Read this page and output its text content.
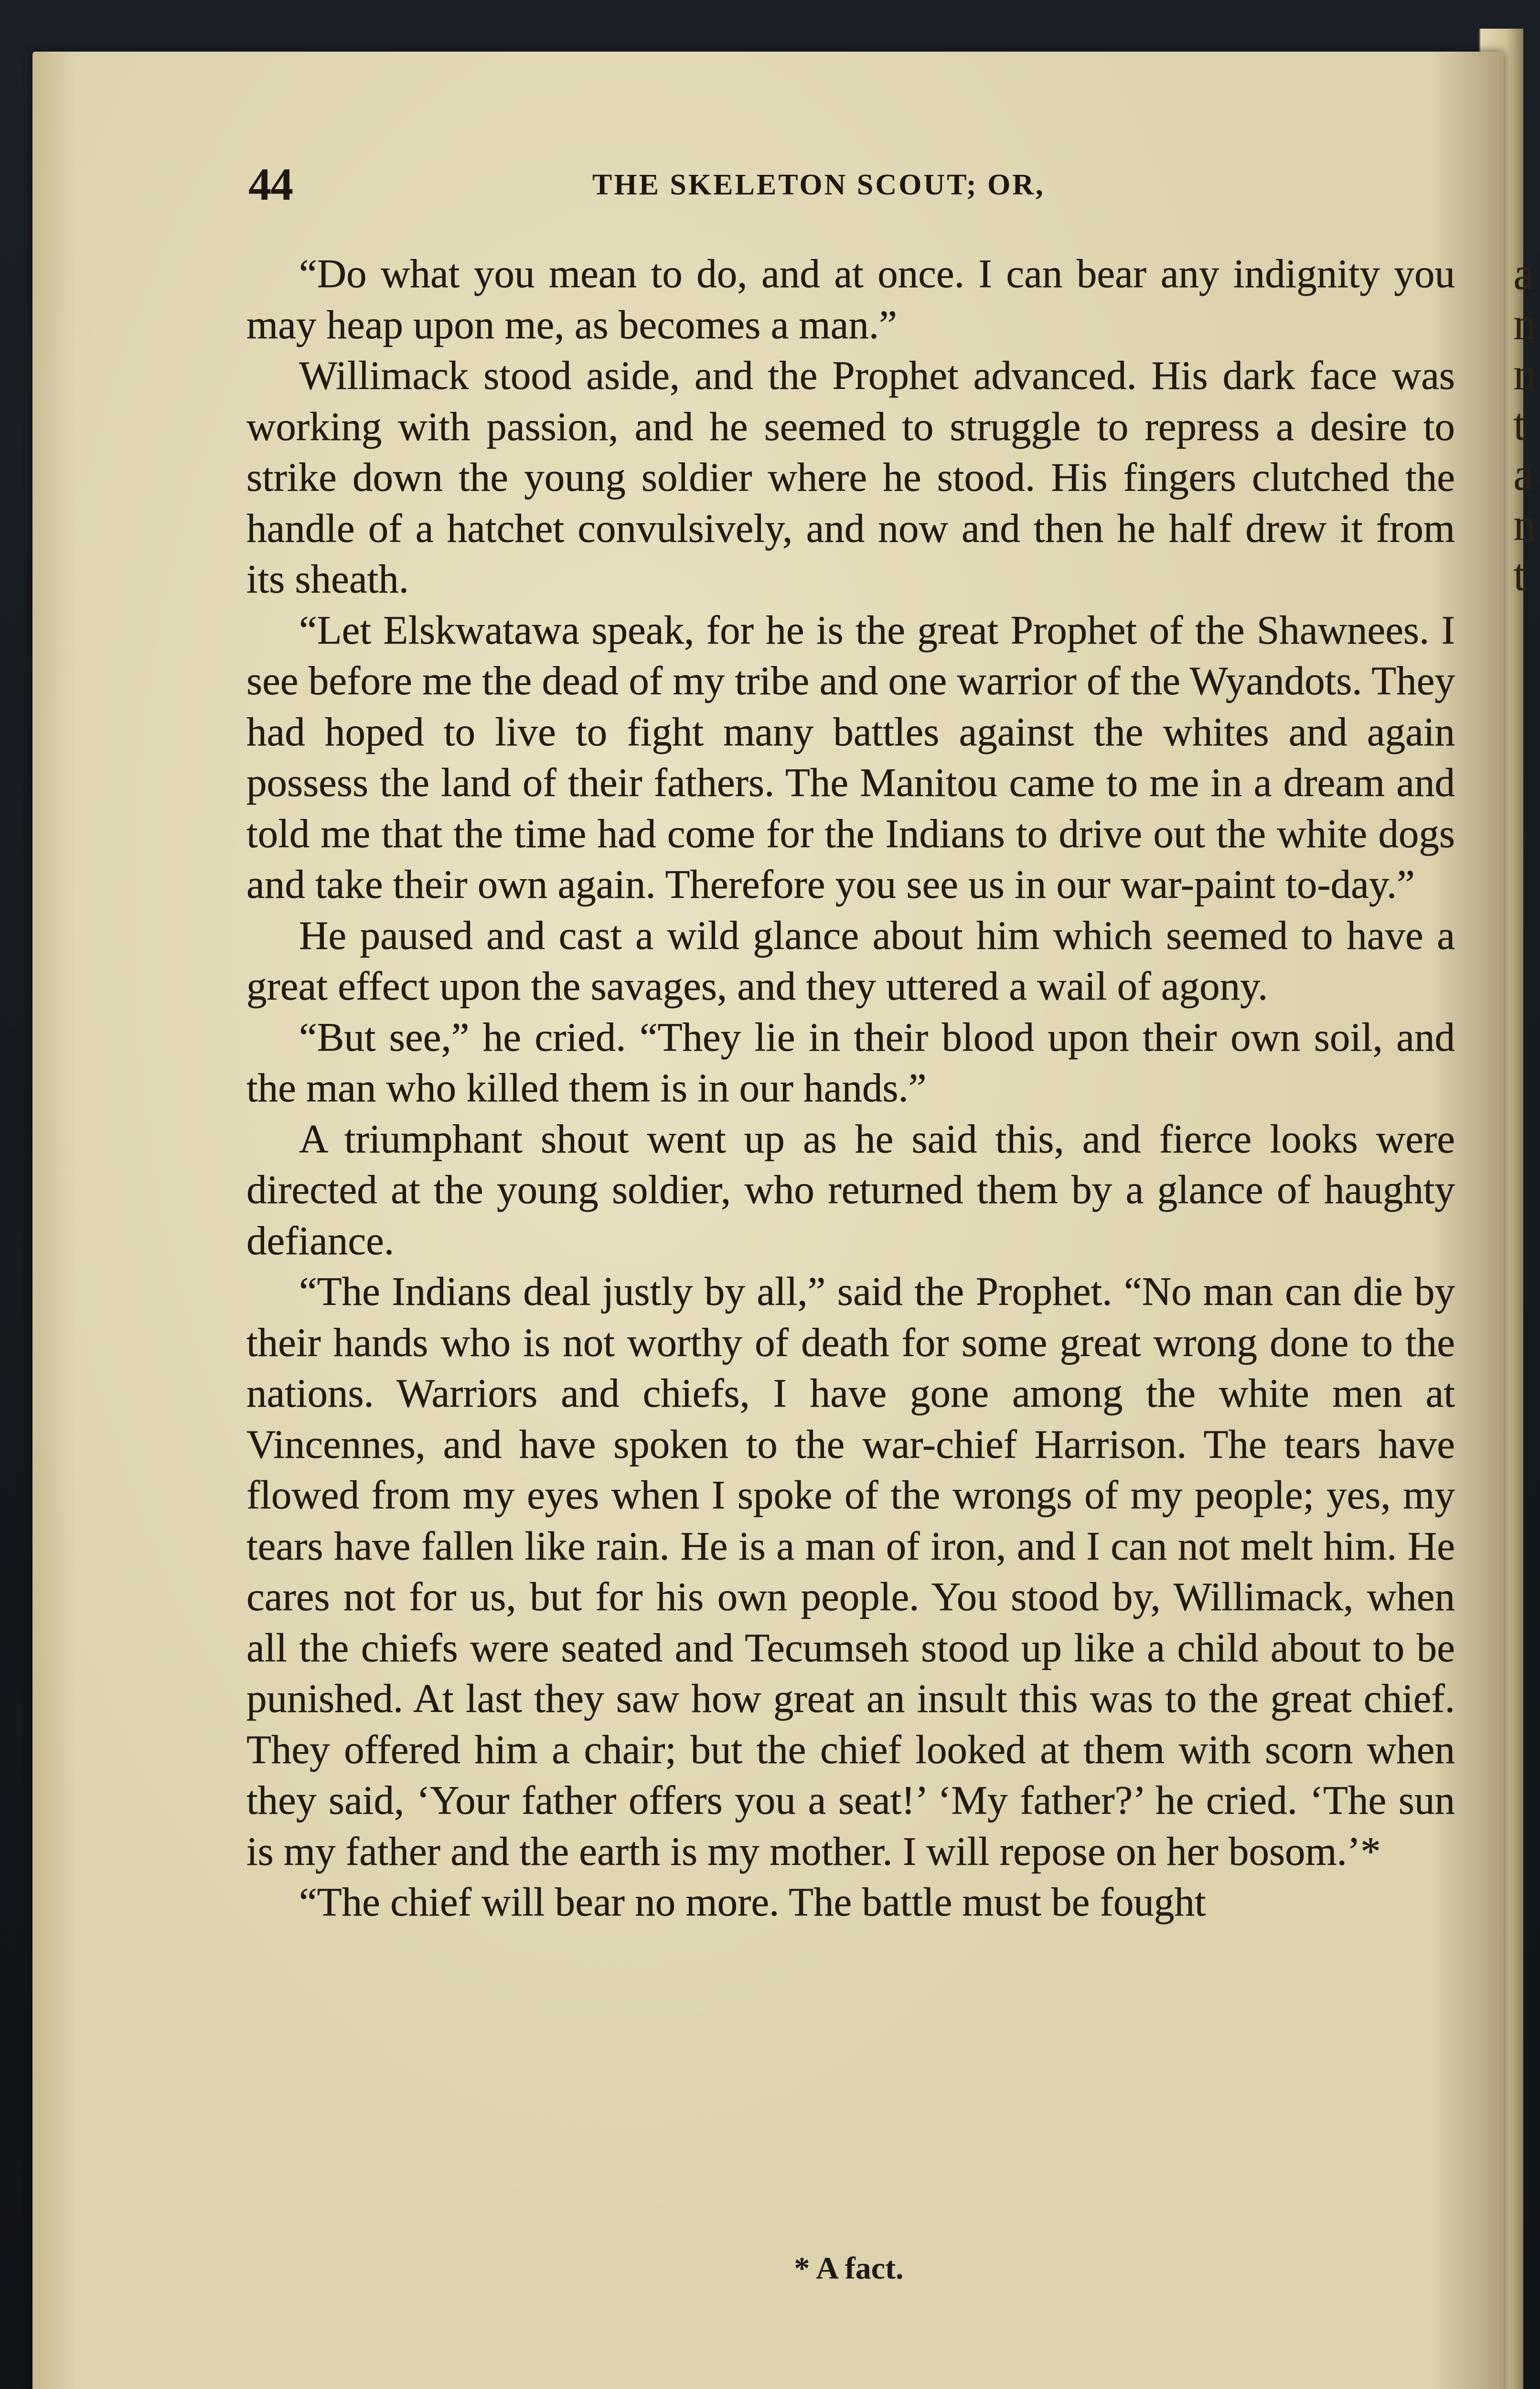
a n n t a n t
44	THE SKELETON SCOUT; OR,

“Do what you mean to do, and at once. I can bear any indignity you may heap upon me, as becomes a man.”

Willimack stood aside, and the Prophet advanced. His dark face was working with passion, and he seemed to struggle to repress a desire to strike down the young soldier where he stood. His fingers clutched the handle of a hatchet convulsively, and now and then he half drew it from its sheath.

“Let Elskwatawa speak, for he is the great Prophet of the Shawnees. I see before me the dead of my tribe and one warrior of the Wyandots. They had hoped to live to fight many battles against the whites and again possess the land of their fathers. The Manitou came to me in a dream and told me that the time had come for the Indians to drive out the white dogs and take their own again. Therefore you see us in our war-paint to-day.”

He paused and cast a wild glance about him which seemed to have a great effect upon the savages, and they uttered a wail of agony.

“But see,” he cried. “They lie in their blood upon their own soil, and the man who killed them is in our hands.”

A triumphant shout went up as he said this, and fierce looks were directed at the young soldier, who returned them by a glance of haughty defiance.

“The Indians deal justly by all,” said the Prophet. “No man can die by their hands who is not worthy of death for some great wrong done to the nations. Warriors and chiefs, I have gone among the white men at Vincennes, and have spoken to the war-chief Harrison. The tears have flowed from my eyes when I spoke of the wrongs of my people; yes, my tears have fallen like rain. He is a man of iron, and I can not melt him. He cares not for us, but for his own people. You stood by, Willimack, when all the chiefs were seated and Tecumseh stood up like a child about to be punished. At last they saw how great an insult this was to the great chief. They offered him a chair; but the chief looked at them with scorn when they said, ‘Your father offers you a seat!’ ‘My father?’ he cried. ‘The sun is my father and the earth is my mother. I will repose on her bosom.’*

“The chief will bear no more. The battle must be fought

* A fact.
